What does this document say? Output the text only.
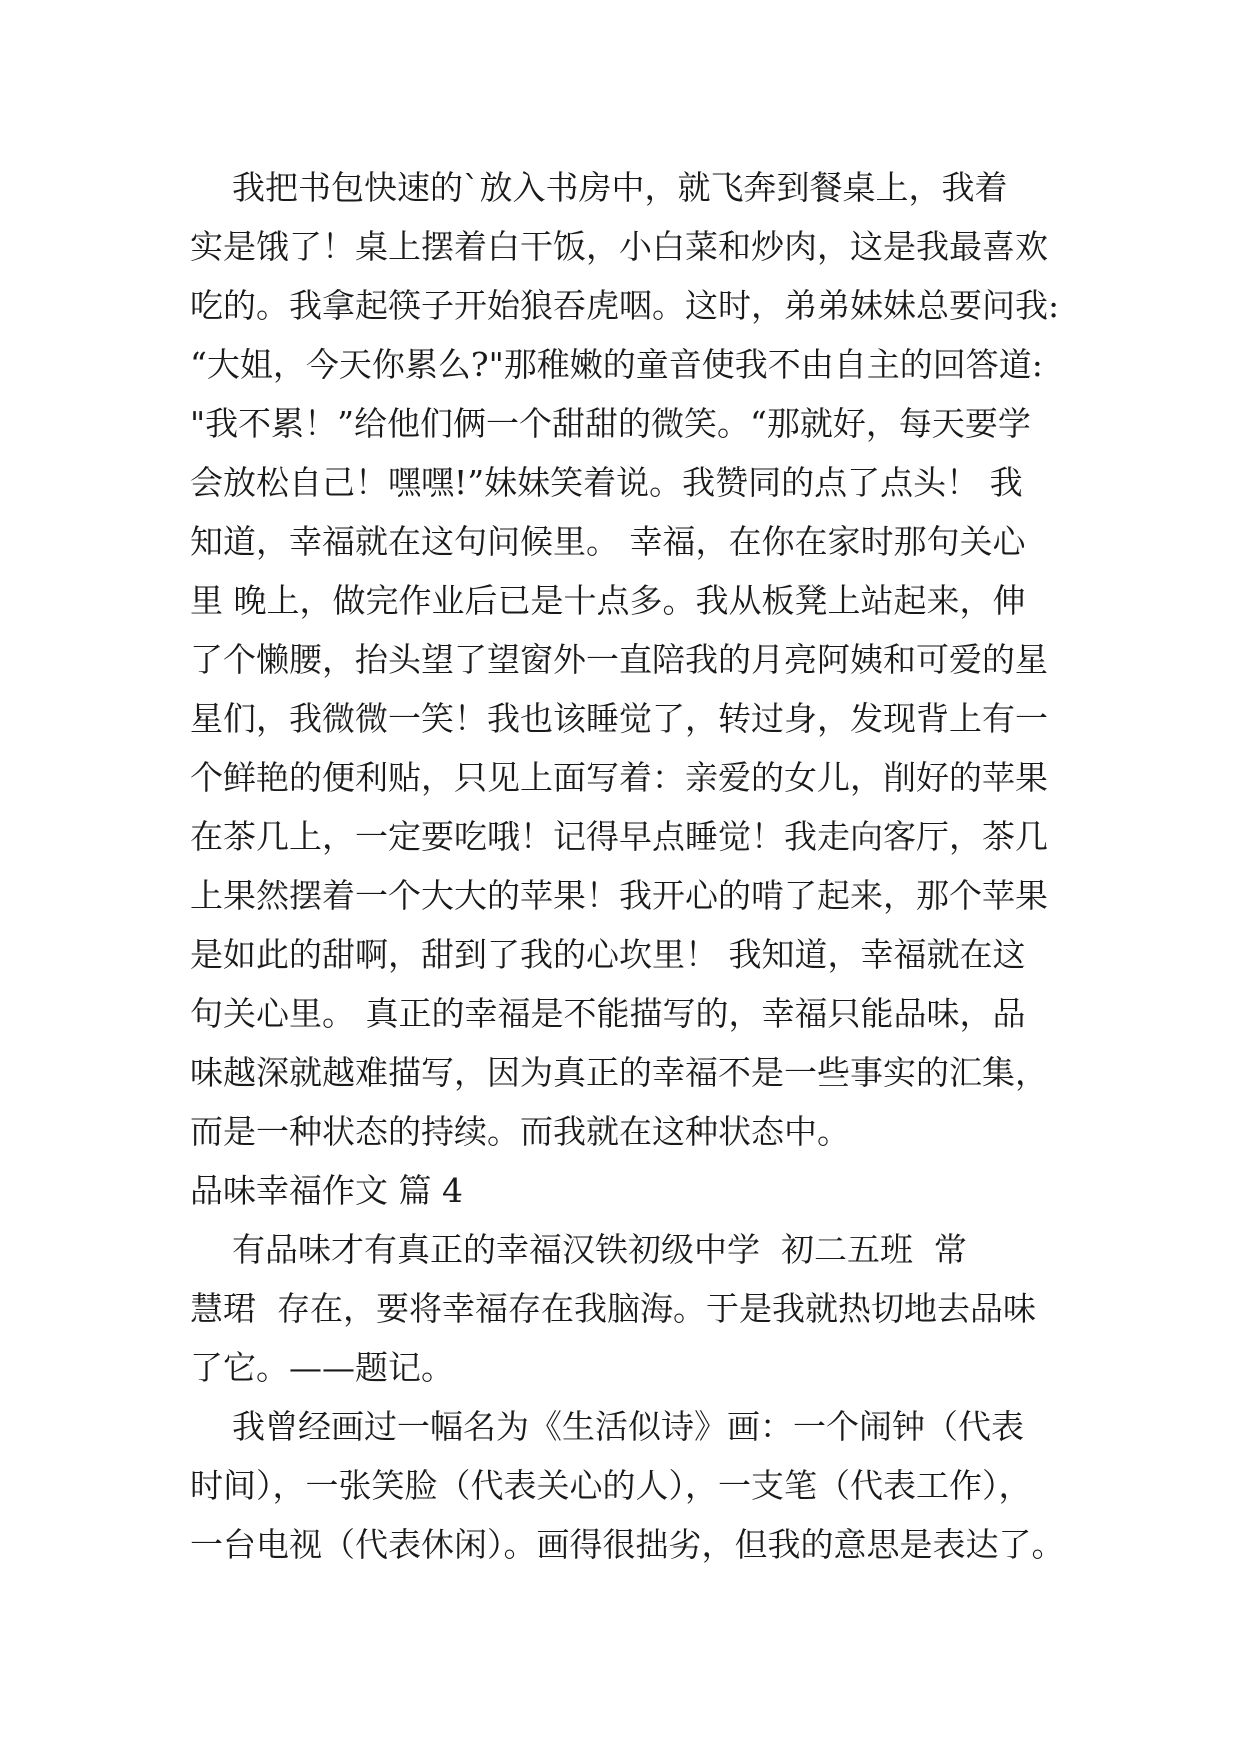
我把书包快速的`放入书房中，就飞奔到餐桌上，我着
实是饿了！桌上摆着白干饭，小白菜和炒肉，这是我最喜欢
吃的。我拿起筷子开始狼吞虎咽。这时，弟弟妹妹总要问我:
“大姐，今天你累么?"那稚嫩的童音使我不由自主的回答道:
"我不累！”给他们俩一个甜甜的微笑。“那就好，每天要学
会放松自己！嘿嘿!”妹妹笑着说。我赞同的点了点头！ 我
知道，幸福就在这句问候里。 幸福，在你在家时那句关心
里 晚上，做完作业后已是十点多。我从板凳上站起来，伸
了个懒腰，抬头望了望窗外一直陪我的月亮阿姨和可爱的星
星们，我微微一笑！我也该睡觉了，转过身，发现背上有一
个鲜艳的便利贴，只见上面写着：亲爱的女儿，削好的苹果
在茶几上，一定要吃哦！记得早点睡觉！我走向客厅，茶几
上果然摆着一个大大的苹果！我开心的啃了起来，那个苹果
是如此的甜啊，甜到了我的心坎里！ 我知道，幸福就在这
句关心里。 真正的幸福是不能描写的，幸福只能品味，品
味越深就越难描写，因为真正的幸福不是一些事实的汇集，
而是一种状态的持续。而我就在这种状态中。
品味幸福作文 篇 4
有品味才有真正的幸福汉铁初级中学  初二五班  常
慧珺  存在，要将幸福存在我脑海。于是我就热切地去品味
了它。——题记。
我曾经画过一幅名为《生活似诗》画：一个闹钟（代表
时间），一张笑脸（代表关心的人），一支笔（代表工作），
一台电视（代表休闲）。画得很拙劣，但我的意思是表达了。
